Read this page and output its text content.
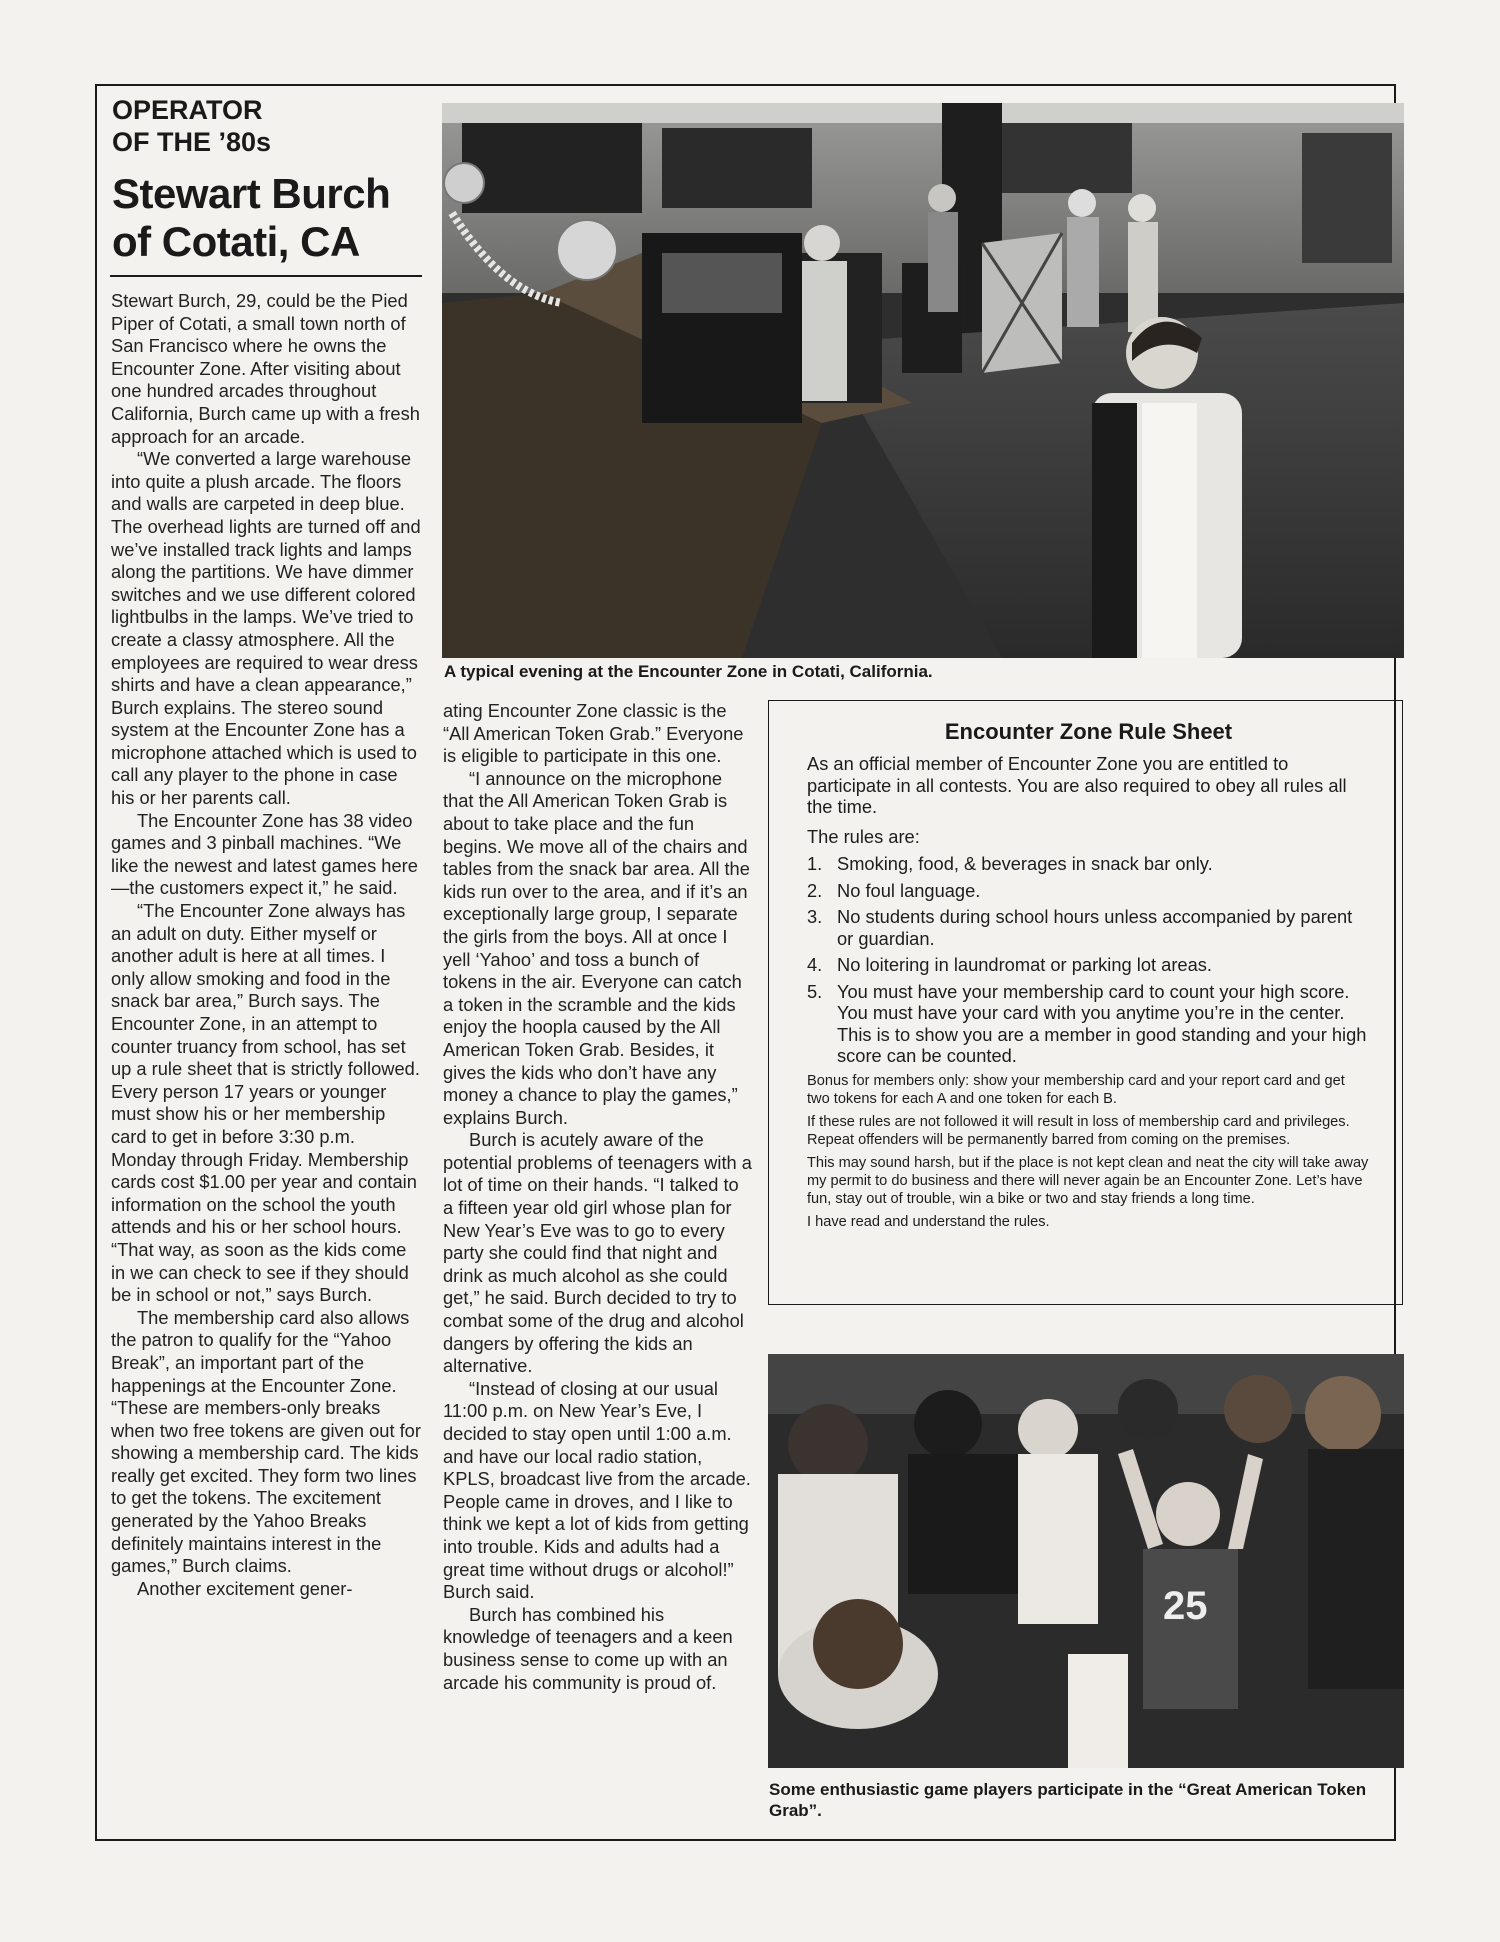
OPERATOR
OF THE ’80s
Stewart Burch
of Cotati, CA

Stewart Burch, 29, could be the Pied Piper of Cotati, a small town north of San Francisco where he owns the Encounter Zone. After visiting about one hundred arcades throughout California, Burch came up with a fresh approach for an arcade.

“We converted a large warehouse into quite a plush arcade. The floors and walls are carpeted in deep blue. The overhead lights are turned off and we’ve installed track lights and lamps along the partitions. We have dimmer switches and we use different colored lightbulbs in the lamps. We’ve tried to create a classy atmosphere. All the employees are required to wear dress shirts and have a clean appearance,” Burch explains. The stereo sound system at the Encounter Zone has a microphone attached which is used to call any player to the phone in case his or her parents call.

The Encounter Zone has 38 video games and 3 pinball machines. “We like the newest and latest games here—the customers expect it,” he said.

“The Encounter Zone always has an adult on duty. Either myself or another adult is here at all times. I only allow smoking and food in the snack bar area,” Burch says. The Encounter Zone, in an attempt to counter truancy from school, has set up a rule sheet that is strictly followed. Every person 17 years or younger must show his or her membership card to get in before 3:30 p.m. Monday through Friday. Membership cards cost $1.00 per year and contain information on the school the youth attends and his or her school hours. “That way, as soon as the kids come in we can check to see if they should be in school or not,” says Burch.

The membership card also allows the patron to qualify for the “Yahoo Break”, an important part of the happenings at the Encounter Zone. “These are members-only breaks when two free tokens are given out for showing a membership card. The kids really get excited. They form two lines to get the tokens. The excitement generated by the Yahoo Breaks definitely maintains interest in the games,” Burch claims.

Another excitement gener-

ating Encounter Zone classic is the “All American Token Grab.” Everyone is eligible to participate in this one.

“I announce on the microphone that the All American Token Grab is about to take place and the fun begins. We move all of the chairs and tables from the snack bar area. All the kids run over to the area, and if it’s an exceptionally large group, I separate the girls from the boys. All at once I yell ‘Yahoo’ and toss a bunch of tokens in the air. Everyone can catch a token in the scramble and the kids enjoy the hoopla caused by the All American Token Grab. Besides, it gives the kids who don’t have any money a chance to play the games,” explains Burch.

Burch is acutely aware of the potential problems of teenagers with a lot of time on their hands. “I talked to a fifteen year old girl whose plan for New Year’s Eve was to go to every party she could find that night and drink as much alcohol as she could get,” he said. Burch decided to try to combat some of the drug and alcohol dangers by offering the kids an alternative.

“Instead of closing at our usual 11:00 p.m. on New Year’s Eve, I decided to stay open until 1:00 a.m. and have our local radio station, KPLS, broadcast live from the arcade. People came in droves, and I like to think we kept a lot of kids from getting into trouble. Kids and adults had a great time without drugs or alcohol!” Burch said.

Burch has combined his knowledge of teenagers and a keen business sense to come up with an arcade his community is proud of.

A typical evening at the Encounter Zone in Cotati, California.
Encounter Zone Rule Sheet

As an official member of Encounter Zone you are entitled to participate in all contests. You are also required to obey all rules all the time.

The rules are:

1. Smoking, food, & beverages in snack bar only.
2. No foul language.
3. No students during school hours unless accompanied by parent or guardian.
4. No loitering in laundromat or parking lot areas.
5. You must have your membership card to count your high score. You must have your card with you anytime you’re in the center. This is to show you are a member in good standing and your high score can be counted.

Bonus for members only: show your membership card and your report card and get two tokens for each A and one token for each B.

If these rules are not followed it will result in loss of membership card and privileges. Repeat offenders will be permanently barred from coming on the premises.

This may sound harsh, but if the place is not kept clean and neat the city will take away my permit to do business and there will never again be an Encounter Zone. Let’s have fun, stay out of trouble, win a bike or two and stay friends a long time.

I have read and understand the rules.

25
Some enthusiastic game players participate in the “Great American Token Grab”.
